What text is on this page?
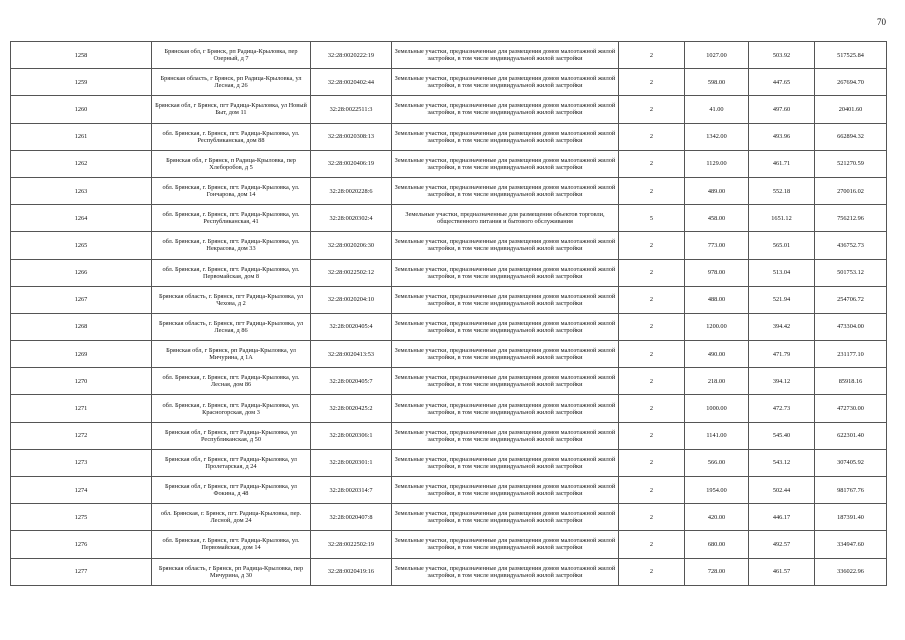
70
1258	Брянская обл, г Брянск, рп Радица-Крыловка, пер Озерный, д 7	32:28:0020222:19	Земельные участки, предназначенные для размещения домов малоэтажной жилой застройки, в том числе индивидуальной жилой застройки	2	1027.00	503.92	517525.84
1259	Брянская область, г Брянск, рп Радица-Крыловка, ул Лесная, д 26	32:28:0020402:44	Земельные участки, предназначенные для размещения домов малоэтажной жилой застройки, в том числе индивидуальной жилой застройки	2	598.00	447.65	267694.70
1260	Брянская обл, г Брянск, пгт Радица-Крыловка, ул Новый Быт, дом 11	32:28:0022511:3	Земельные участки, предназначенные для размещения домов малоэтажной жилой застройки, в том числе индивидуальной жилой застройки	2	41.00	497.60	20401.60
1261	обл. Брянская, г. Брянск, пгт. Радица-Крыловка, ул. Республиканская, дом 88	32:28:0020308:13	Земельные участки, предназначенные для размещения домов малоэтажной жилой застройки, в том числе индивидуальной жилой застройки	2	1342.00	493.96	662894.32
1262	Брянская обл, г Брянск, п Радица-Крыловка, пер Хлеборобов, д 5	32:28:0020406:19	Земельные участки, предназначенные для размещения домов малоэтажной жилой застройки, в том числе индивидуальной жилой застройки	2	1129.00	461.71	521270.59
1263	обл. Брянская, г. Брянск, пгт. Радица-Крыловка, ул. Гончарова, дом 14	32:28:0020228:6	Земельные участки, предназначенные для размещения домов малоэтажной жилой застройки, в том числе индивидуальной жилой застройки	2	489.00	552.18	270016.02
1264	обл. Брянская, г. Брянск, пгт. Радица-Крыловка, ул. Республиканская, 41	32:28:0020302:4	Земельные участки, предназначенные для размещения объектов торговли, общественного питания и бытового обслуживания	5	458.00	1651.12	756212.96
1265	обл. Брянская, г. Брянск, пгт. Радица-Крыловка, ул. Некрасова, дом 33	32:28:0020206:30	Земельные участки, предназначенные для размещения домов малоэтажной жилой застройки, в том числе индивидуальной жилой застройки	2	773.00	565.01	436752.73
1266	обл. Брянская, г. Брянск, пгт. Радица-Крыловка, ул. Первомайская, дом 8	32:28:0022502:12	Земельные участки, предназначенные для размещения домов малоэтажной жилой застройки, в том числе индивидуальной жилой застройки	2	978.00	513.04	501753.12
1267	Брянская область, г. Брянск, пгт Радица-Крыловка, ул Чехова, д 2	32:28:0020204:10	Земельные участки, предназначенные для размещения домов малоэтажной жилой застройки, в том числе индивидуальной жилой застройки	2	488.00	521.94	254706.72
1268	Брянская область, г. Брянск, пгт Радица-Крыловка, ул Лесная, д 86	32:28:0020405:4	Земельные участки, предназначенные для размещения домов малоэтажной жилой застройки, в том числе индивидуальной жилой застройки	2	1200.00	394.42	473304.00
1269	Брянская обл, г Брянск, рп Радица-Крыловка, ул Мичурина, д 1А	32:28:0020413:53	Земельные участки, предназначенные для размещения домов малоэтажной жилой застройки, в том числе индивидуальной жилой застройки	2	490.00	471.79	231177.10
1270	обл. Брянская, г. Брянск, пгт. Радица-Крыловка, ул. Лесная, дом 86	32:28:0020405:7	Земельные участки, предназначенные для размещения домов малоэтажной жилой застройки, в том числе индивидуальной жилой застройки	2	218.00	394.12	85918.16
1271	обл. Брянская, г. Брянск, пгт. Радица-Крыловка, ул. Красногорская, дом 3	32:28:0020425:2	Земельные участки, предназначенные для размещения домов малоэтажной жилой застройки, в том числе индивидуальной жилой застройки	2	1000.00	472.73	472730.00
1272	Брянская обл, г Брянск, пгт Радица-Крыловка, ул Республиканская, д 50	32:28:0020306:1	Земельные участки, предназначенные для размещения домов малоэтажной жилой застройки, в том числе индивидуальной жилой застройки	2	1141.00	545.40	622301.40
1273	Брянская обл, г Брянск, пгт Радица-Крыловка, ул Пролетарская, д 24	32:28:0020301:1	Земельные участки, предназначенные для размещения домов малоэтажной жилой застройки, в том числе индивидуальной жилой застройки	2	566.00	543.12	307405.92
1274	Брянская обл, г Брянск, пгт Радица-Крыловка, ул Фокина, д 48	32:28:0020314:7	Земельные участки, предназначенные для размещения домов малоэтажной жилой застройки, в том числе индивидуальной жилой застройки	2	1954.00	502.44	981767.76
1275	обл. Брянская, г. Брянск, пгт. Радица-Крыловка, пер. Лесной, дом 24	32:28:0020407:8	Земельные участки, предназначенные для размещения домов малоэтажной жилой застройки, в том числе индивидуальной жилой застройки	2	420.00	446.17	187391.40
1276	обл. Брянская, г. Брянск, пгт. Радица-Крыловка, ул. Первомайская, дом 14	32:28:0022502:19	Земельные участки, предназначенные для размещения домов малоэтажной жилой застройки, в том числе индивидуальной жилой застройки	2	680.00	492.57	334947.60
1277	Брянская область, г Брянск, рп Радица-Крыловка, пер Мичурина, д 30	32:28:0020419:16	Земельные участки, предназначенные для размещения домов малоэтажной жилой застройки, в том числе индивидуальной жилой застройки	2	728.00	461.57	336022.96
